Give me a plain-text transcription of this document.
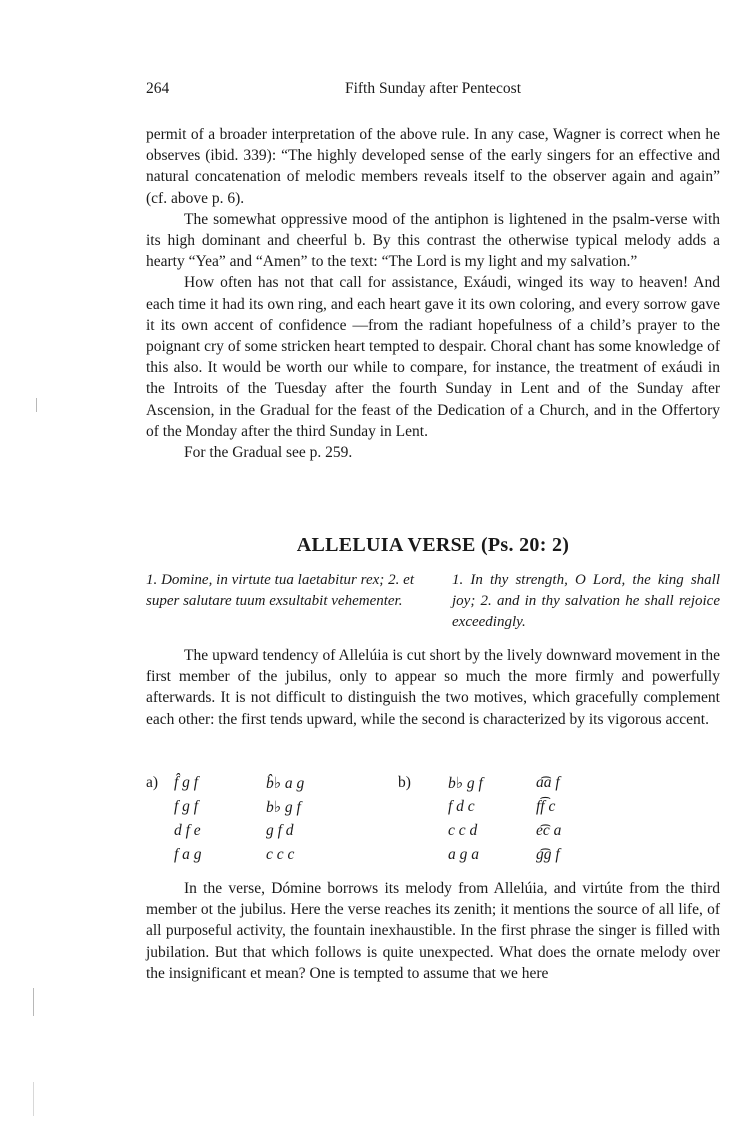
264	Fifth Sunday after Pentecost

permit of a broader interpretation of the above rule. In any case, Wagner is correct when he observes (ibid. 339): “The highly developed sense of the early singers for an effective and natural concatenation of melodic members reveals itself to the observer again and again” (cf. above p. 6).

The somewhat oppressive mood of the antiphon is lightened in the psalm-verse with its high dominant and cheerful b. By this contrast the otherwise typical melody adds a hearty “Yea” and “Amen” to the text: “The Lord is my light and my salvation.”

How often has not that call for assistance, Exáudi, winged its way to heaven! And each time it had its own ring, and each heart gave it its own coloring, and every sorrow gave it its own accent of confidence —from the radiant hopefulness of a child’s prayer to the poignant cry of some stricken heart tempted to despair. Choral chant has some knowledge of this also. It would be worth our while to compare, for instance, the treatment of exáudi in the Introits of the Tuesday after the fourth Sunday in Lent and of the Sunday after Ascension, in the Gradual for the feast of the Dedication of a Church, and in the Offertory of the Monday after the third Sunday in Lent.

For the Gradual see p. 259.

ALLELUIA VERSE (Ps. 20: 2)
1. Domine, in virtute tua laetabitur rex; 2. et super salutare tuum exsultabit vehementer.
1. In thy strength, O Lord, the king shall joy; 2. and in thy salvation he shall rejoice exceedingly.

The upward tendency of Allelúia is cut short by the lively downward movement in the first member of the jubilus, only to appear so much the more firmly and powerfully afterwards. It is not difficult to distinguish the two motives, which gracefully complement each other: the first tends upward, while the second is characterized by its vigorous accent.

a)	b)
f̂ g f
f g f
d f e
f a g
b̂♭ a g
b♭ g f
g f d
c c c
b♭ g f
f d c
c c d
a g a
a͡a f
f͡f c
e͡c a
g͡g f

In the verse, Dómine borrows its melody from Allelúia, and virtúte from the third member ot the jubilus. Here the verse reaches its zenith; it mentions the source of all life, of all purposeful activity, the fountain inexhaustible. In the first phrase the singer is filled with jubilation. But that which follows is quite unexpected. What does the ornate melody over the insignificant et mean? One is tempted to assume that we here
